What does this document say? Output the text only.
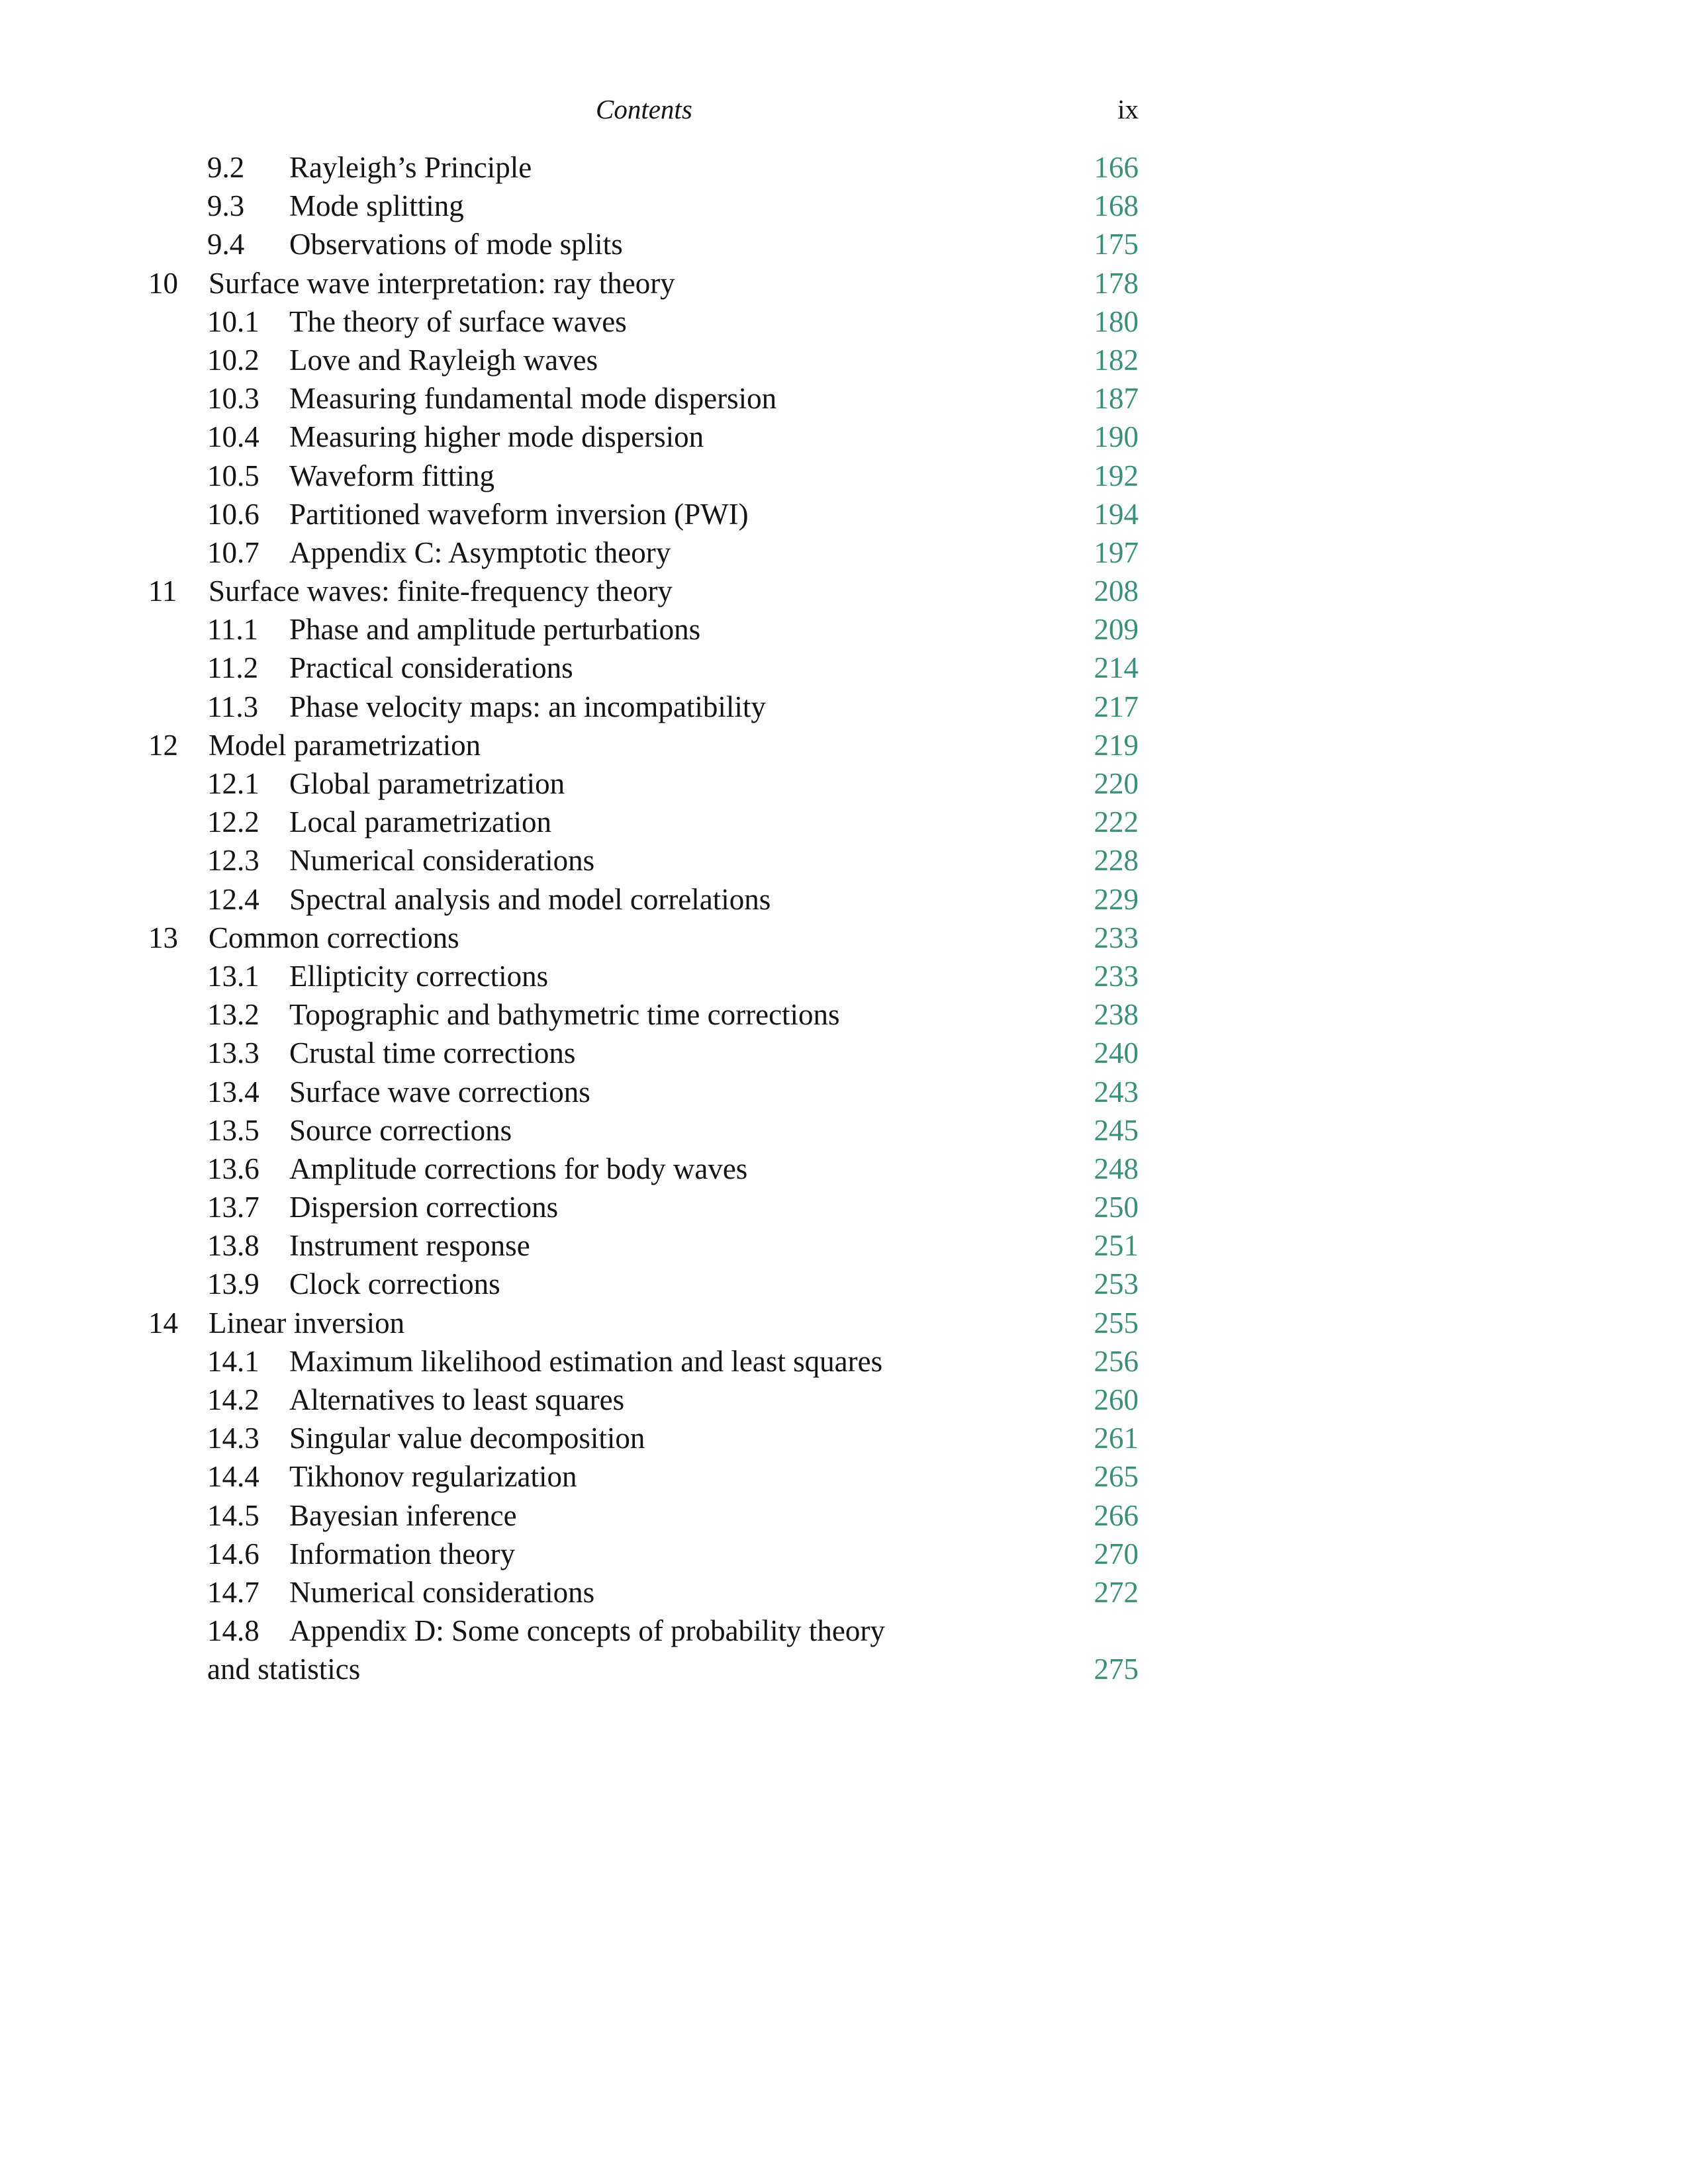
Contents	ix
9.2 Rayleigh’s Principle	166
9.3 Mode splitting	168
9.4 Observations of mode splits	175
10 Surface wave interpretation: ray theory	178
10.1 The theory of surface waves	180
10.2 Love and Rayleigh waves	182
10.3 Measuring fundamental mode dispersion	187
10.4 Measuring higher mode dispersion	190
10.5 Waveform fitting	192
10.6 Partitioned waveform inversion (PWI)	194
10.7 Appendix C: Asymptotic theory	197
11 Surface waves: finite-frequency theory	208
11.1 Phase and amplitude perturbations	209
11.2 Practical considerations	214
11.3 Phase velocity maps: an incompatibility	217
12 Model parametrization	219
12.1 Global parametrization	220
12.2 Local parametrization	222
12.3 Numerical considerations	228
12.4 Spectral analysis and model correlations	229
13 Common corrections	233
13.1 Ellipticity corrections	233
13.2 Topographic and bathymetric time corrections	238
13.3 Crustal time corrections	240
13.4 Surface wave corrections	243
13.5 Source corrections	245
13.6 Amplitude corrections for body waves	248
13.7 Dispersion corrections	250
13.8 Instrument response	251
13.9 Clock corrections	253
14 Linear inversion	255
14.1 Maximum likelihood estimation and least squares	256
14.2 Alternatives to least squares	260
14.3 Singular value decomposition	261
14.4 Tikhonov regularization	265
14.5 Bayesian inference	266
14.6 Information theory	270
14.7 Numerical considerations	272
14.8 Appendix D: Some concepts of probability theory
and statistics	275
